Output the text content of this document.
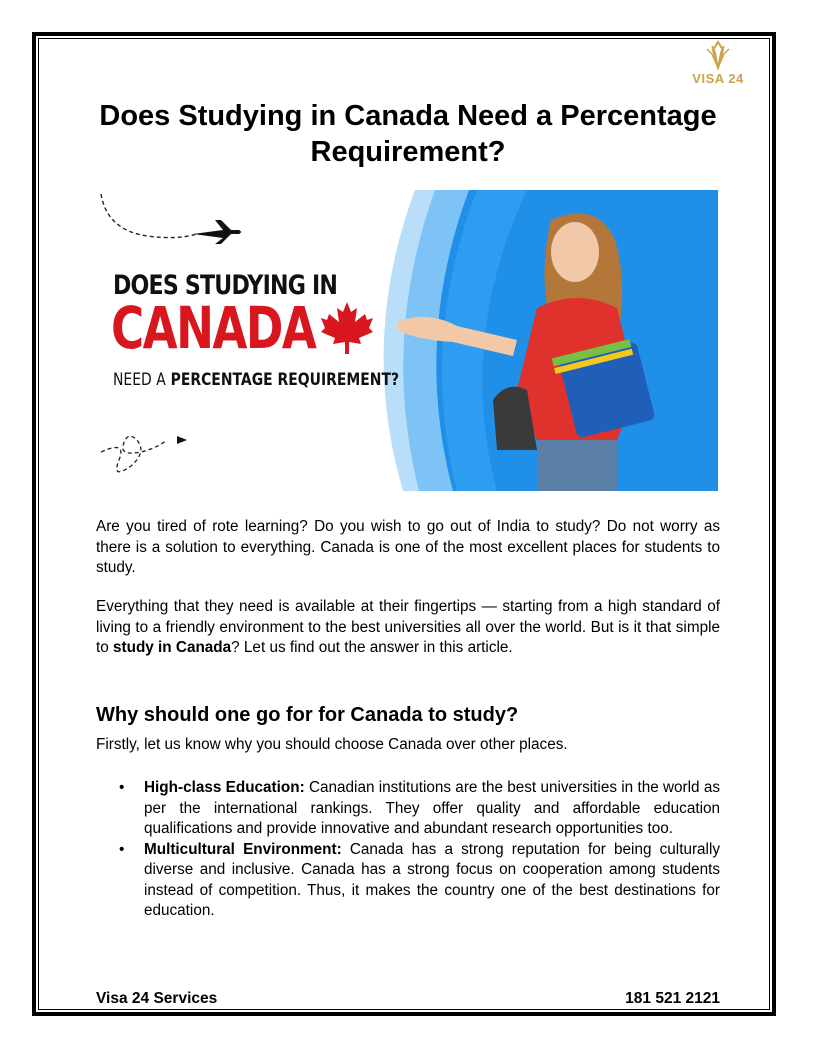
VISA 24
Does Studying in Canada Need a Percentage Requirement?
DOES STUDYING IN
CANADA
NEED A PERCENTAGE REQUIREMENT?

Are you tired of rote learning? Do you wish to go out of India to study? Do not worry as there is a solution to everything. Canada is one of the most excellent places for students to study.

Everything that they need is available at their fingertips — starting from a high standard of living to a friendly environment to the best universities all over the world. But is it that simple to study in Canada? Let us find out the answer in this article.

Why should one go for for Canada to study?

Firstly, let us know why you should choose Canada over other places.

• High-class Education: Canadian institutions are the best universities in the world as per the international rankings. They offer quality and affordable education qualifications and provide innovative and abundant research opportunities too.
• Multicultural Environment: Canada has a strong reputation for being culturally diverse and inclusive. Canada has a strong focus on cooperation among students instead of competition. Thus, it makes the country one of the best destinations for education.
Visa 24 Services	181 521 2121
